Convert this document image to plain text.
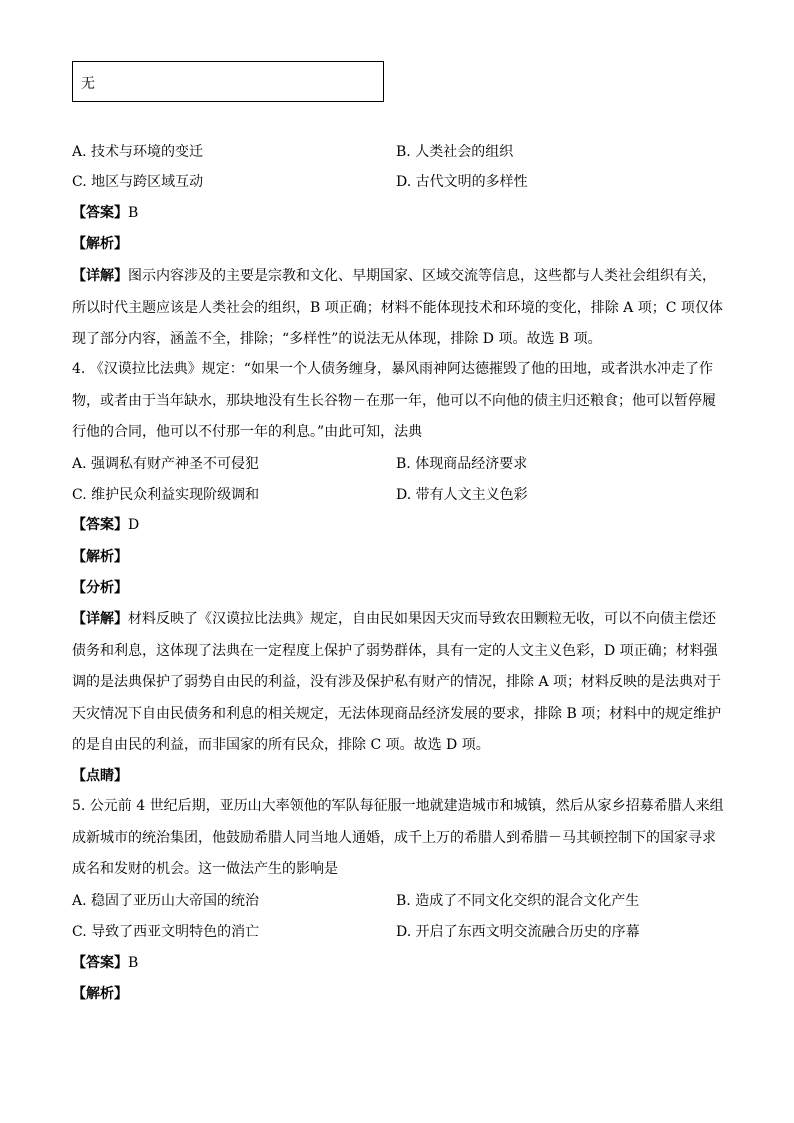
无
A. 技术与环境的变迁	B. 人类社会的组织
C. 地区与跨区域互动	D. 古代文明的多样性
【答案】B
【解析】
【详解】图示内容涉及的主要是宗教和文化、早期国家、区域交流等信息，这些都与人类社会组织有关，
所以时代主题应该是人类社会的组织，B 项正确；材料不能体现技术和环境的变化，排除 A 项；C 项仅体
现了部分内容，涵盖不全，排除；“多样性”的说法无从体现，排除 D 项。故选 B 项。
4. 《汉谟拉比法典》规定：“如果一个人债务缠身，暴风雨神阿达德摧毁了他的田地，或者洪水冲走了作
物，或者由于当年缺水，那块地没有生长谷物－在那一年，他可以不向他的债主归还粮食；他可以暂停履
行他的合同，他可以不付那一年的利息。”由此可知，法典
A. 强调私有财产神圣不可侵犯	B. 体现商品经济要求
C. 维护民众利益实现阶级调和	D. 带有人文主义色彩
【答案】D
【解析】
【分析】
【详解】材料反映了《汉谟拉比法典》规定，自由民如果因天灾而导致农田颗粒无收，可以不向债主偿还
债务和利息，这体现了法典在一定程度上保护了弱势群体，具有一定的人文主义色彩，D 项正确；材料强
调的是法典保护了弱势自由民的利益，没有涉及保护私有财产的情况，排除 A 项；材料反映的是法典对于
天灾情况下自由民债务和利息的相关规定，无法体现商品经济发展的要求，排除 B 项；材料中的规定维护
的是自由民的利益，而非国家的所有民众，排除 C 项。故选 D 项。
【点睛】
5. 公元前 4 世纪后期，亚历山大率领他的军队每征服一地就建造城市和城镇，然后从家乡招募希腊人来组
成新城市的统治集团，他鼓励希腊人同当地人通婚，成千上万的希腊人到希腊－马其顿控制下的国家寻求
成名和发财的机会。这一做法产生的影响是
A. 稳固了亚历山大帝国的统治	B. 造成了不同文化交织的混合文化产生
C. 导致了西亚文明特色的消亡	D. 开启了东西文明交流融合历史的序幕
【答案】B
【解析】
